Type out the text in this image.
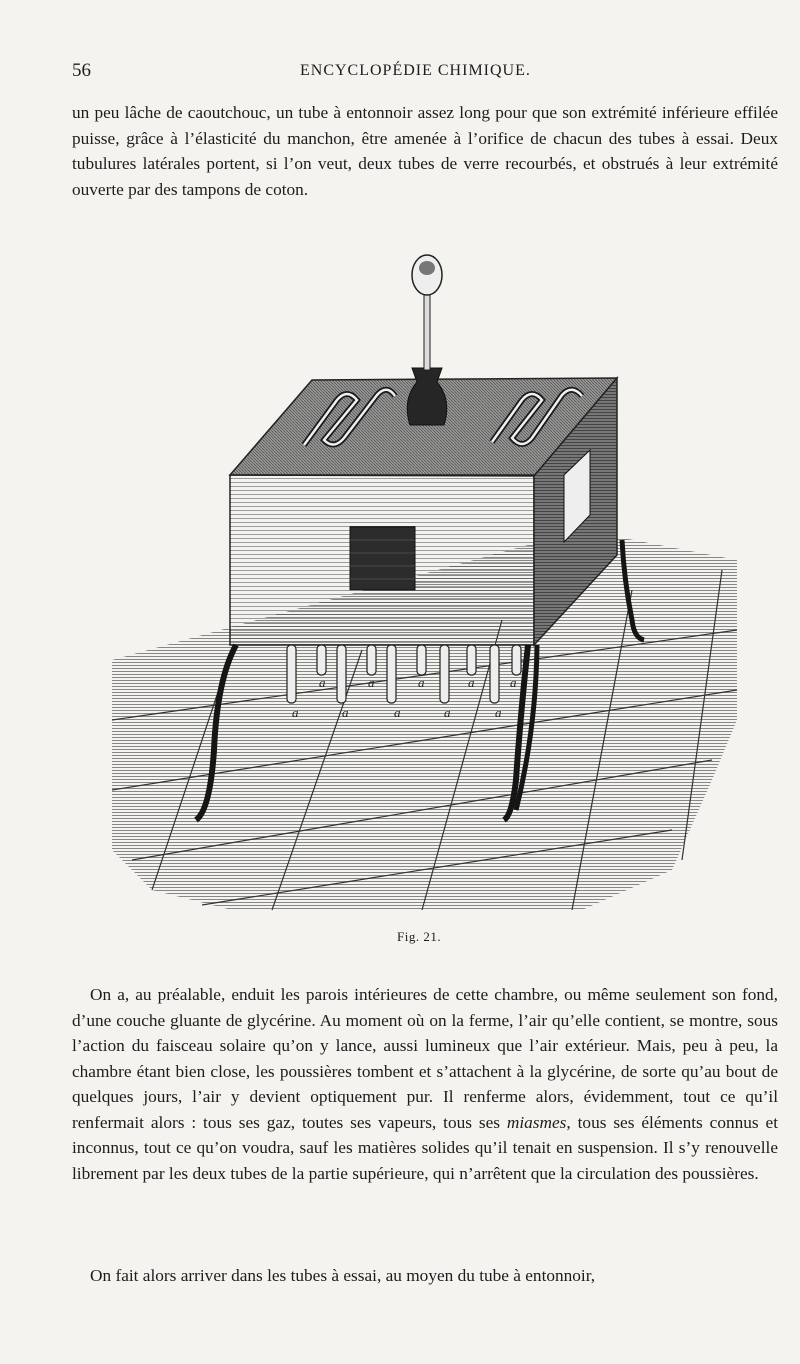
56	ENCYCLOPÉDIE CHIMIQUE.

un peu lâche de caoutchouc, un tube à entonnoir assez long pour que son extrémité inférieure effilée puisse, grâce à l’élasticité du manchon, être amenée à l’orifice de chacun des tubes à essai. Deux tubulures latérales portent, si l’on veut, deux tubes de verre recourbés, et obstrués à leur extrémité ouverte par des tampons de coton.

a	a	a	a	a
a	a	a	a	a
Fig. 21.

On a, au préalable, enduit les parois intérieures de cette chambre, ou même seulement son fond, d’une couche gluante de glycérine. Au moment où on la ferme, l’air qu’elle contient, se montre, sous l’action du faisceau solaire qu’on y lance, aussi lumineux que l’air extérieur. Mais, peu à peu, la chambre étant bien close, les poussières tombent et s’attachent à la glycérine, de sorte qu’au bout de quelques jours, l’air y devient optiquement pur. Il renferme alors, évidemment, tout ce qu’il renfermait alors : tous ses gaz, toutes ses vapeurs, tous ses miasmes, tous ses éléments connus et inconnus, tout ce qu’on voudra, sauf les matières solides qu’il tenait en suspension. Il s’y renouvelle librement par les deux tubes de la partie supérieure, qui n’arrêtent que la circulation des poussières.

On fait alors arriver dans les tubes à essai, au moyen du tube à entonnoir,
